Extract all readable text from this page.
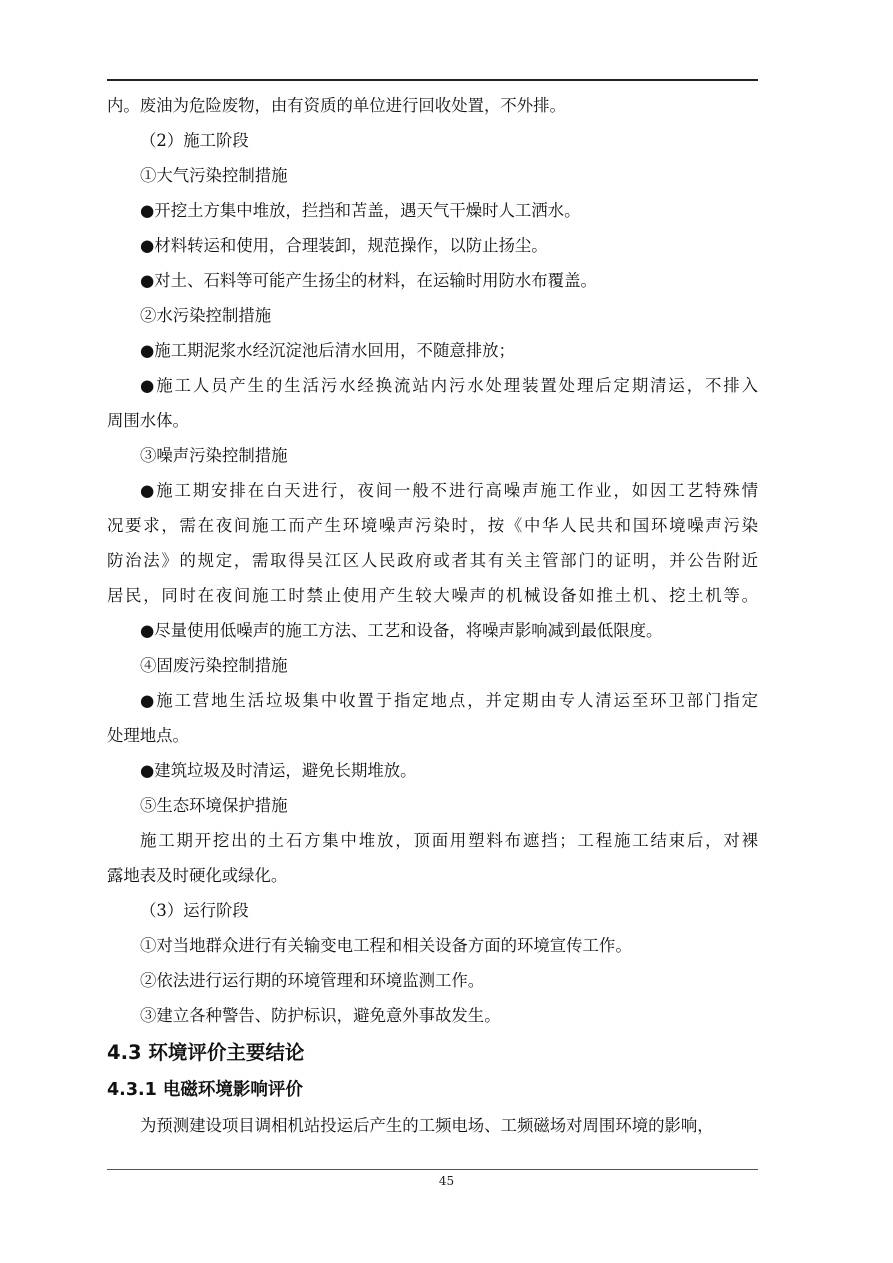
内。废油为危险废物，由有资质的单位进行回收处置，不外排。
（2）施工阶段
①大气污染控制措施
●开挖土方集中堆放，拦挡和苫盖，遇天气干燥时人工洒水。
●材料转运和使用，合理装卸，规范操作，以防止扬尘。
●对土、石料等可能产生扬尘的材料，在运输时用防水布覆盖。
②水污染控制措施
●施工期泥浆水经沉淀池后清水回用，不随意排放；
●施工人员产生的生活污水经换流站内污水处理装置处理后定期清运，不排入
周围水体。
③噪声污染控制措施
●施工期安排在白天进行，夜间一般不进行高噪声施工作业，如因工艺特殊情
况要求，需在夜间施工而产生环境噪声污染时，按《中华人民共和国环境噪声污染
防治法》的规定，需取得吴江区人民政府或者其有关主管部门的证明，并公告附近
居民，同时在夜间施工时禁止使用产生较大噪声的机械设备如推土机、挖土机等。
●尽量使用低噪声的施工方法、工艺和设备，将噪声影响减到最低限度。
④固废污染控制措施
●施工营地生活垃圾集中收置于指定地点，并定期由专人清运至环卫部门指定
处理地点。
●建筑垃圾及时清运，避免长期堆放。
⑤生态环境保护措施
施工期开挖出的土石方集中堆放，顶面用塑料布遮挡；工程施工结束后，对裸
露地表及时硬化或绿化。
（3）运行阶段
①对当地群众进行有关输变电工程和相关设备方面的环境宣传工作。
②依法进行运行期的环境管理和环境监测工作。
③建立各种警告、防护标识，避免意外事故发生。
4.3 环境评价主要结论
4.3.1 电磁环境影响评价
为预测建设项目调相机站投运后产生的工频电场、工频磁场对周围环境的影响，
45
